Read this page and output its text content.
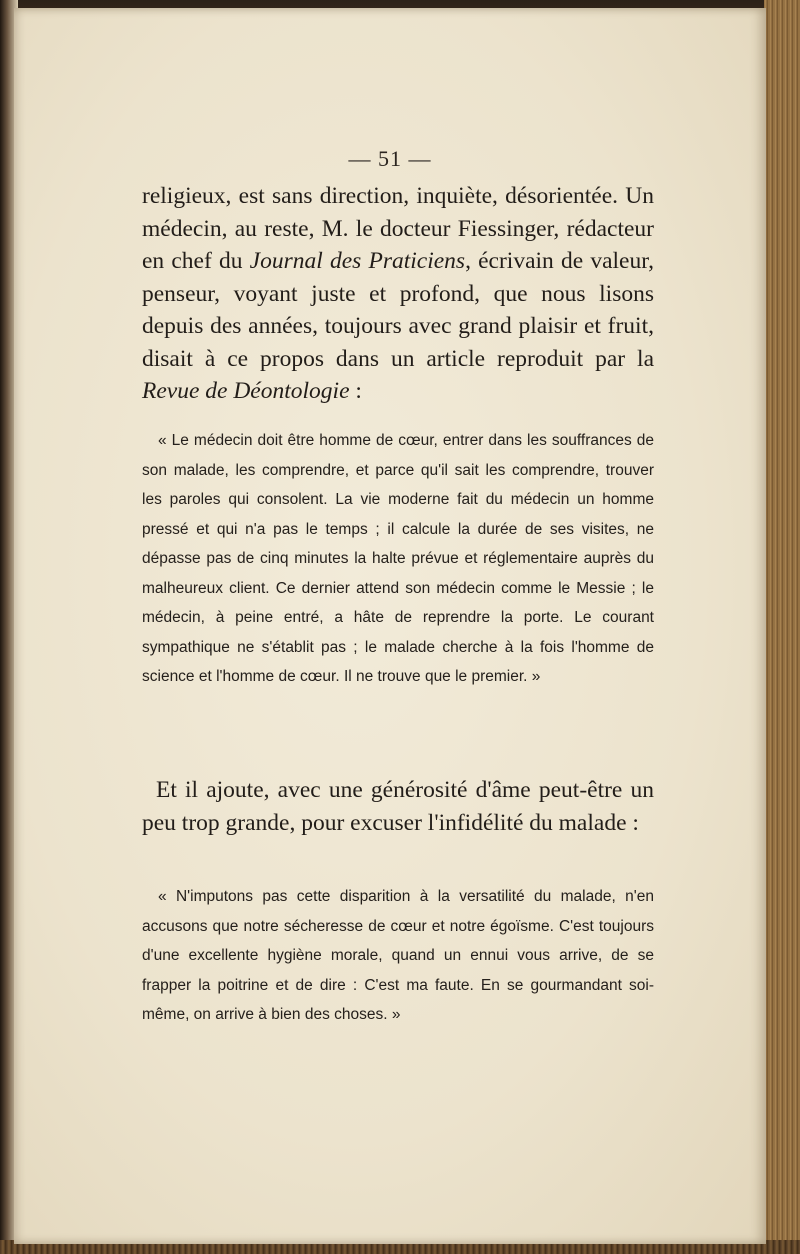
— 51 —
religieux, est sans direction, inquiète, désorientée. Un médecin, au reste, M. le docteur Fiessinger, rédacteur en chef du Journal des Praticiens, écrivain de valeur, penseur, voyant juste et profond, que nous lisons depuis des années, toujours avec grand plaisir et fruit, disait à ce propos dans un article reproduit par la Revue de Déontologie :

« Le médecin doit être homme de cœur, entrer dans les souffrances de son malade, les comprendre, et parce qu'il sait les comprendre, trouver les paroles qui consolent. La vie moderne fait du médecin un homme pressé et qui n'a pas le temps ; il calcule la durée de ses visites, ne dépasse pas de cinq minutes la halte prévue et réglementaire auprès du malheureux client. Ce dernier attend son médecin comme le Messie ; le médecin, à peine entré, a hâte de reprendre la porte. Le courant sympathique ne s'établit pas ; le malade cherche à la fois l'homme de science et l'homme de cœur. Il ne trouve que le premier. »

Et il ajoute, avec une générosité d'âme peut-être un peu trop grande, pour excuser l'infidélité du malade :

« N'imputons pas cette disparition à la versatilité du malade, n'en accusons que notre sécheresse de cœur et notre égoïsme. C'est toujours d'une excellente hygiène morale, quand un ennui vous arrive, de se frapper la poitrine et de dire : C'est ma faute. En se gourmandant soi-même, on arrive à bien des choses. »
